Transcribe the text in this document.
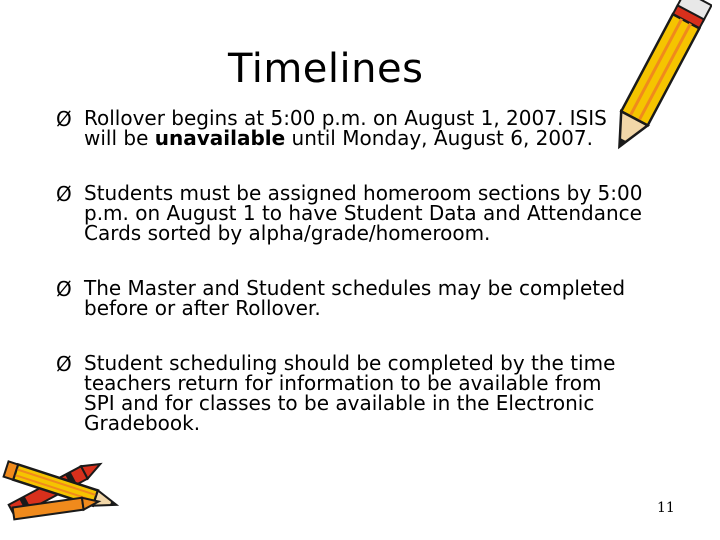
Timelines
Ø Rollover begins at 5:00 p.m. on August 1, 2007. ISIS
will be unavailable until Monday, August 6, 2007.
Ø Students must be assigned homeroom sections by 5:00
p.m. on August 1 to have Student Data and Attendance
Cards sorted by alpha/grade/homeroom.
Ø The Master and Student schedules may be completed
before or after Rollover.
Ø Student scheduling should be completed by the time
teachers return for information to be available from
SPI and for classes to be available in the Electronic
Gradebook.
11
